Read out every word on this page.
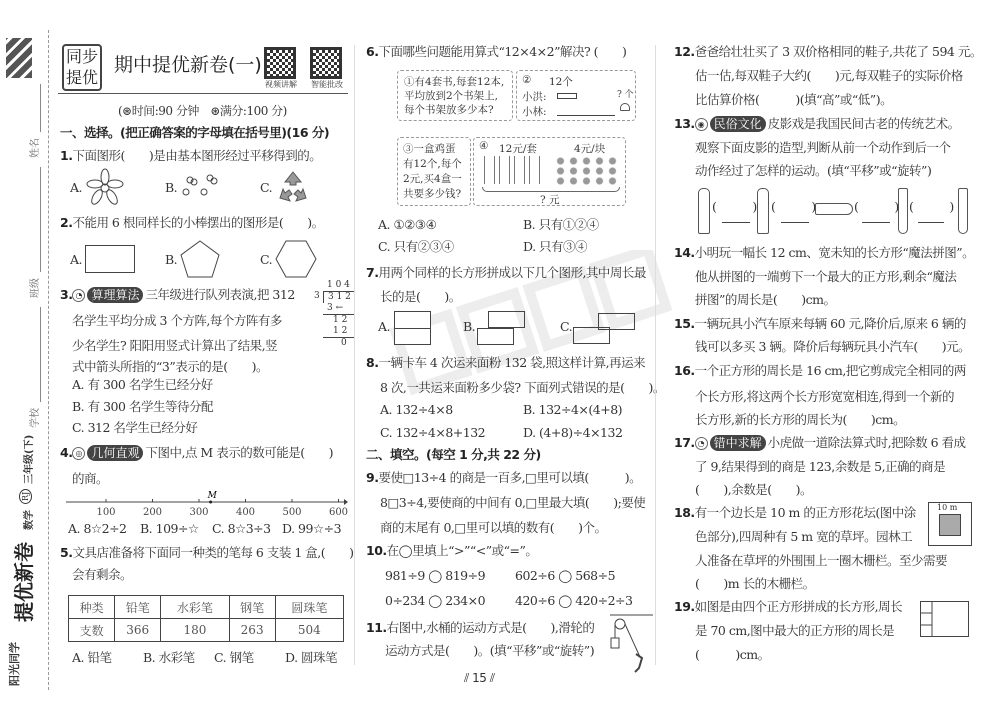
阳光同学
提优新卷
数学
RJ
三年级(下)
学校
班级
姓名
同步
提优
期中提优新卷(一)
视频讲解 智能批改
(⊛时间:90 分钟　⊛满分:100 分)
一、选择。(把正确答案的字母填在括号里)(16 分)
1.下面图形(　　)是由基本图形经过平移得到的。
A.	B.	C.
2.不能用 6 根同样长的小棒摆出的图形是(　　)。
A.	B.	C.
3. ◔ 算理算法 三年级进行队列表演,把 312
名学生平均分成 3 个方阵,每个方阵有多
少名学生? 阳阳用竖式计算出了结果,竖
式中箭头所指的“3”表示的是(　　)。
1 0 4
3 3 1 2
3 ←
1 2
1 2
0
A. 有 300 名学生已经分好
B. 有 300 名学生等待分配
C. 312 名学生已经分好
4. ◎ 几何直观 下图中,点 M 表示的数可能是(　　)
的商。
M
100	200	300	400	500	600
A. 8☆2÷2 B. 109÷☆ C. 8☆3÷3 D. 99☆÷3
5.文具店准备将下面同一种类的笔每 6 支装 1 盒,(　　)
会有剩余。
种类	铅笔	水彩笔	钢笔	圆珠笔
支数	366	180	263	504
A. 铅笔	B. 水彩笔 C. 钢笔	D. 圆珠笔
6.下面哪些问题能用算式“12×4×2”解决? (　　)
①有4套书,每套12本,
平均放到2个书架上,
每个书架放多少本?
② 12个
小洪:
小林:
? 个
③一盒鸡蛋
有12个,每个
2元,买4盒一
共要多少钱?
④ 12元/套	4元/块
? 元
A. ①②③④	B. 只有①②④
C. 只有②③④	D. 只有③④
7.用两个同样的长方形拼成以下几个图形,其中周长最
长的是(　　)。
A.	B.	C.
8.一辆卡车 4 次运来面粉 132 袋,照这样计算,再运来
8 次,一共运来面粉多少袋? 下面列式错误的是(　　)。
A. 132÷4×8	B. 132÷4×(4+8)
C. 132÷4×8+132	D. (4+8)÷4×132
二、填空。(每空 1 分,共 22 分)
9.要使□13÷4 的商是一百多,□里可以填(　　　)。
8□3÷4,要使商的中间有 0,□里最大填(　　);要使
商的末尾有 0,□里可以填的数有(　　)个。
10.在◯里填上“>”“<”或“=”。
981÷9 ◯ 819÷9 602÷6 ◯ 568÷5
0÷234 ◯ 234×0 420÷6 ◯ 420÷2÷3
11.右图中,水桶的运动方式是(　　),滑轮的
运动方式是(　　)。(填“平移”或“旋转”)
⫽ 15 ⫽
12.爸爸给壮壮买了 3 双价格相同的鞋子,共花了 594 元。
估一估,每双鞋子大约(　　)元,每双鞋子的实际价格
比估算价格(　　　)(填“高”或“低”)。
13. ◉ 民俗文化 皮影戏是我国民间古老的传统艺术。
观察下面皮影的造型,判断从前一个动作到后一个
动作经过了怎样的运动。(填“平移”或“旋转”)
(　　　) (　　　)	(　　　) (　　　)
14.小明玩一幅长 12 cm、宽未知的长方形“魔法拼图”。
他从拼图的一端剪下一个最大的正方形,剩余“魔法
拼图”的周长是(　　)cm。
15.一辆玩具小汽车原来每辆 60 元,降价后,原来 6 辆的
钱可以多买 3 辆。降价后每辆玩具小汽车(　　)元。
16.一个正方形的周长是 16 cm,把它剪成完全相同的两
个长方形,将这两个长方形宽宽相连,得到一个新的
长方形,新的长方形的周长为(　　)cm。
17. ◔ 错中求解 小虎做一道除法算式时,把除数 6 看成
了 9,结果得到的商是 123,余数是 5,正确的商是
(　　),余数是(　　)。
18.有一个边长是 10 m 的正方形花坛(图中涂
色部分),四周种有 5 m 宽的草坪。园林工
人准备在草坪的外围围上一圈木栅栏。至少需要
(　　)m 长的木栅栏。
10 m
19.如图是由四个正方形拼成的长方形,周长
是 70 cm,图中最大的正方形的周长是
(　　　)cm。
